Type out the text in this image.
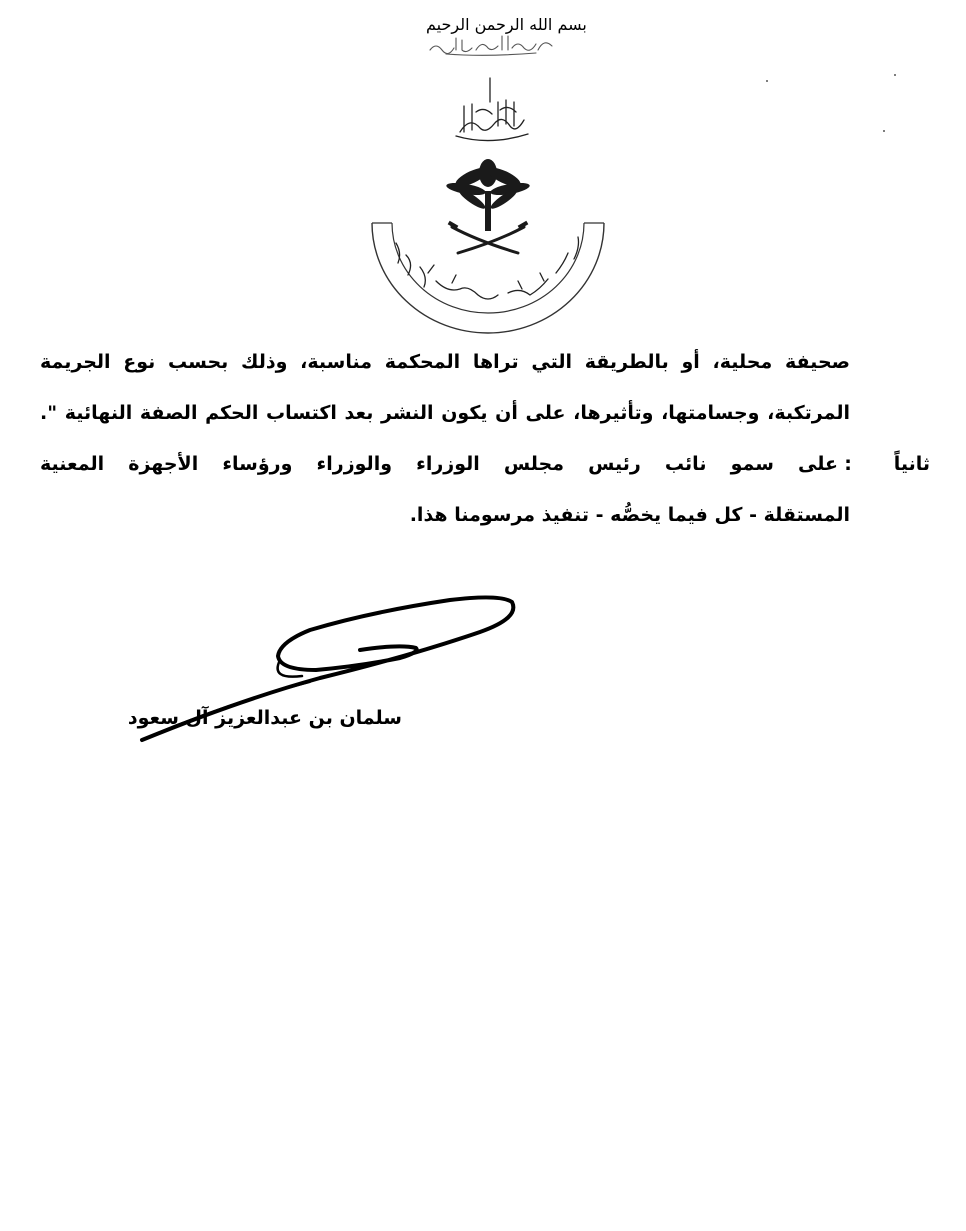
بسم الله الرحمن الرحيم
صحيفة محلية، أو بالطريقة التي تراها المحكمة مناسبة، وذلك بحسب نوع الجريمة
المرتكبة، وجسامتها، وتأثيرها، على أن يكون النشر بعد اكتساب الحكم الصفة النهائية ".
ثانياً
:
على سمو نائب رئيس مجلس الوزراء والوزراء ورؤساء الأجهزة المعنية
المستقلة - كل فيما يخصُّه - تنفيذ مرسومنا هذا.
سلمان بن عبدالعزيز آل سعود
